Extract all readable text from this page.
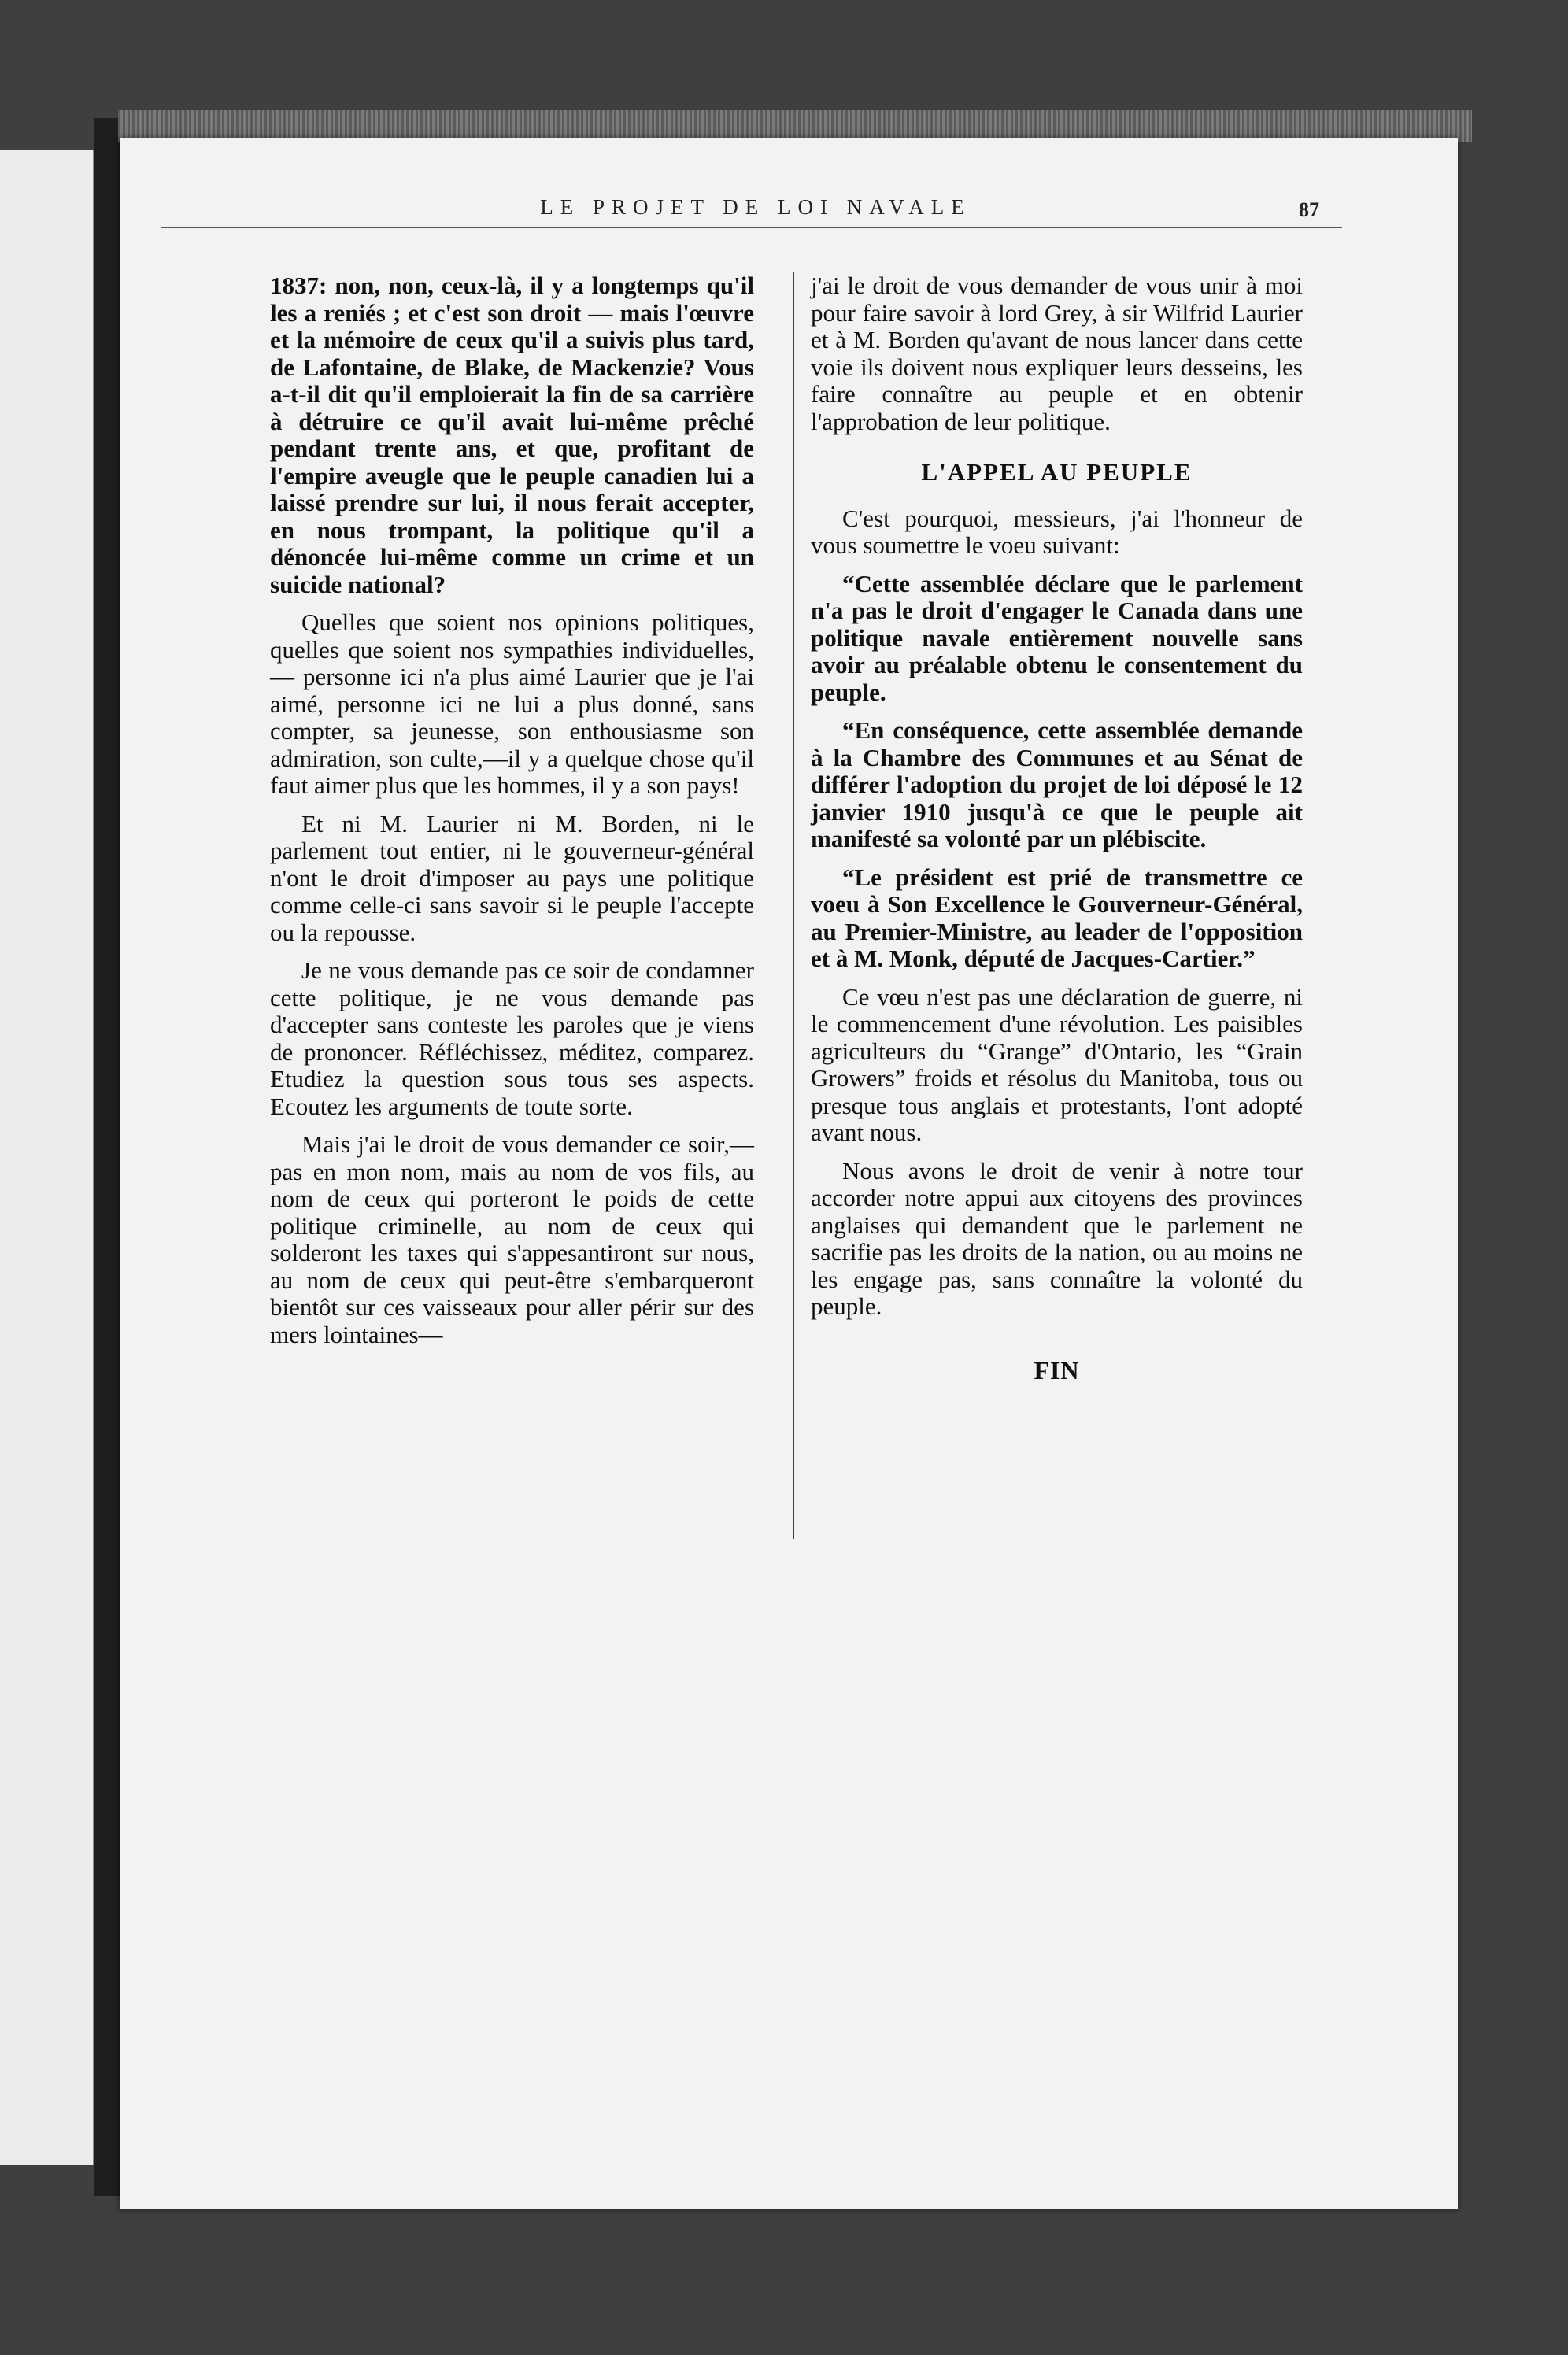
LE PROJET DE LOI NAVALE	87

1837: non, non, ceux-là, il y a longtemps qu'il les a reniés ; et c'est son droit — mais l'œuvre et la mémoire de ceux qu'il a suivis plus tard, de Lafontaine, de Blake, de Mackenzie? Vous a-t-il dit qu'il emploierait la fin de sa carrière à détruire ce qu'il avait lui-même prêché pendant trente ans, et que, profitant de l'empire aveugle que le peuple canadien lui a laissé prendre sur lui, il nous ferait accepter, en nous trompant, la politique qu'il a dénoncée lui-même comme un crime et un suicide national?

Quelles que soient nos opinions politiques, quelles que soient nos sympathies individuelles, — personne ici n'a plus aimé Laurier que je l'ai aimé, personne ici ne lui a plus donné, sans compter, sa jeunesse, son enthousiasme son admiration, son culte,—il y a quelque chose qu'il faut aimer plus que les hommes, il y a son pays!

Et ni M. Laurier ni M. Borden, ni le parlement tout entier, ni le gouverneur-général n'ont le droit d'imposer au pays une politique comme celle-ci sans savoir si le peuple l'accepte ou la repousse.

Je ne vous demande pas ce soir de condamner cette politique, je ne vous demande pas d'accepter sans conteste les paroles que je viens de prononcer. Réfléchissez, méditez, comparez. Etudiez la question sous tous ses aspects. Ecoutez les arguments de toute sorte.

Mais j'ai le droit de vous demander ce soir,—pas en mon nom, mais au nom de vos fils, au nom de ceux qui porteront le poids de cette politique criminelle, au nom de ceux qui solderont les taxes qui s'appesantiront sur nous, au nom de ceux qui peut-être s'embarqueront bientôt sur ces vaisseaux pour aller périr sur des mers lointaines—

j'ai le droit de vous demander de vous unir à moi pour faire savoir à lord Grey, à sir Wilfrid Laurier et à M. Borden qu'avant de nous lancer dans cette voie ils doivent nous expliquer leurs desseins, les faire connaître au peuple et en obtenir l'approbation de leur politique.

L'APPEL AU PEUPLE

C'est pourquoi, messieurs, j'ai l'honneur de vous soumettre le voeu suivant:

“Cette assemblée déclare que le parlement n'a pas le droit d'engager le Canada dans une politique navale entièrement nouvelle sans avoir au préalable obtenu le consentement du peuple.

“En conséquence, cette assemblée demande à la Chambre des Communes et au Sénat de différer l'adoption du projet de loi déposé le 12 janvier 1910 jusqu'à ce que le peuple ait manifesté sa volonté par un plébiscite.

“Le président est prié de transmettre ce voeu à Son Excellence le Gouverneur-Général, au Premier-Ministre, au leader de l'opposition et à M. Monk, député de Jacques-Cartier.”

Ce vœu n'est pas une déclaration de guerre, ni le commencement d'une révolution. Les paisibles agriculteurs du “Grange” d'Ontario, les “Grain Growers” froids et résolus du Manitoba, tous ou presque tous anglais et protestants, l'ont adopté avant nous.

Nous avons le droit de venir à notre tour accorder notre appui aux citoyens des provinces anglaises qui demandent que le parlement ne sacrifie pas les droits de la nation, ou au moins ne les engage pas, sans connaître la volonté du peuple.

FIN
